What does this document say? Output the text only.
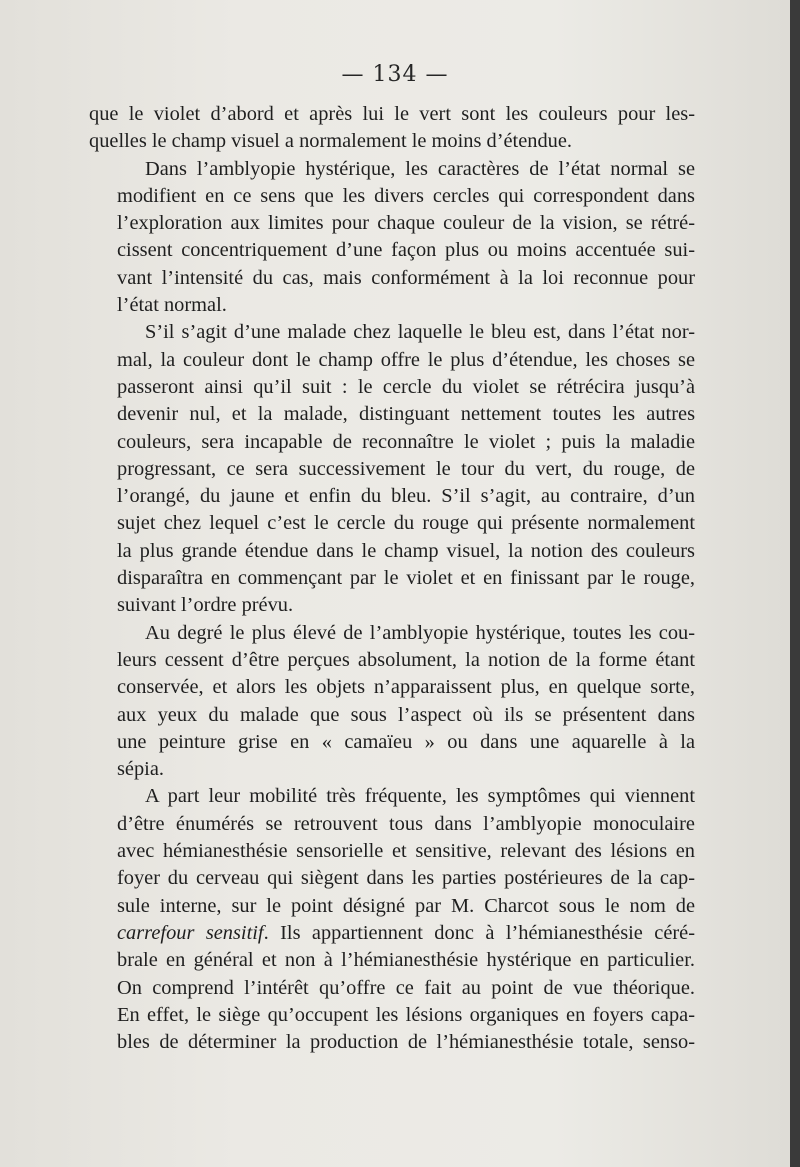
— 134 —

que le violet d’abord et après lui le vert sont les couleurs pour les-
quelles le champ visuel a normalement le moins d’étendue.

Dans l’amblyopie hystérique, les caractères de l’état normal se
modifient en ce sens que les divers cercles qui correspondent dans
l’exploration aux limites pour chaque couleur de la vision, se rétré-
cissent concentriquement d’une façon plus ou moins accentuée sui-
vant l’intensité du cas, mais conformément à la loi reconnue pour
l’état normal.

S’il s’agit d’une malade chez laquelle le bleu est, dans l’état nor-
mal, la couleur dont le champ offre le plus d’étendue, les choses se
passeront ainsi qu’il suit : le cercle du violet se rétrécira jusqu’à
devenir nul, et la malade, distinguant nettement toutes les autres
couleurs, sera incapable de reconnaître le violet ; puis la maladie
progressant, ce sera successivement le tour du vert, du rouge, de
l’orangé, du jaune et enfin du bleu. S’il s’agit, au contraire, d’un
sujet chez lequel c’est le cercle du rouge qui présente normalement
la plus grande étendue dans le champ visuel, la notion des couleurs
disparaîtra en commençant par le violet et en finissant par le rouge,
suivant l’ordre prévu.

Au degré le plus élevé de l’amblyopie hystérique, toutes les cou-
leurs cessent d’être perçues absolument, la notion de la forme étant
conservée, et alors les objets n’apparaissent plus, en quelque sorte,
aux yeux du malade que sous l’aspect où ils se présentent dans
une peinture grise en « camaïeu » ou dans une aquarelle à la
sépia.

A part leur mobilité très fréquente, les symptômes qui viennent
d’être énumérés se retrouvent tous dans l’amblyopie monoculaire
avec hémianesthésie sensorielle et sensitive, relevant des lésions en
foyer du cerveau qui siègent dans les parties postérieures de la cap-
sule interne, sur le point désigné par M. Charcot sous le nom de
carrefour sensitif. Ils appartiennent donc à l’hémianesthésie céré-
brale en général et non à l’hémianesthésie hystérique en particulier.
On comprend l’intérêt qu’offre ce fait au point de vue théorique.
En effet, le siège qu’occupent les lésions organiques en foyers capa-
bles de déterminer la production de l’hémianesthésie totale, senso-
